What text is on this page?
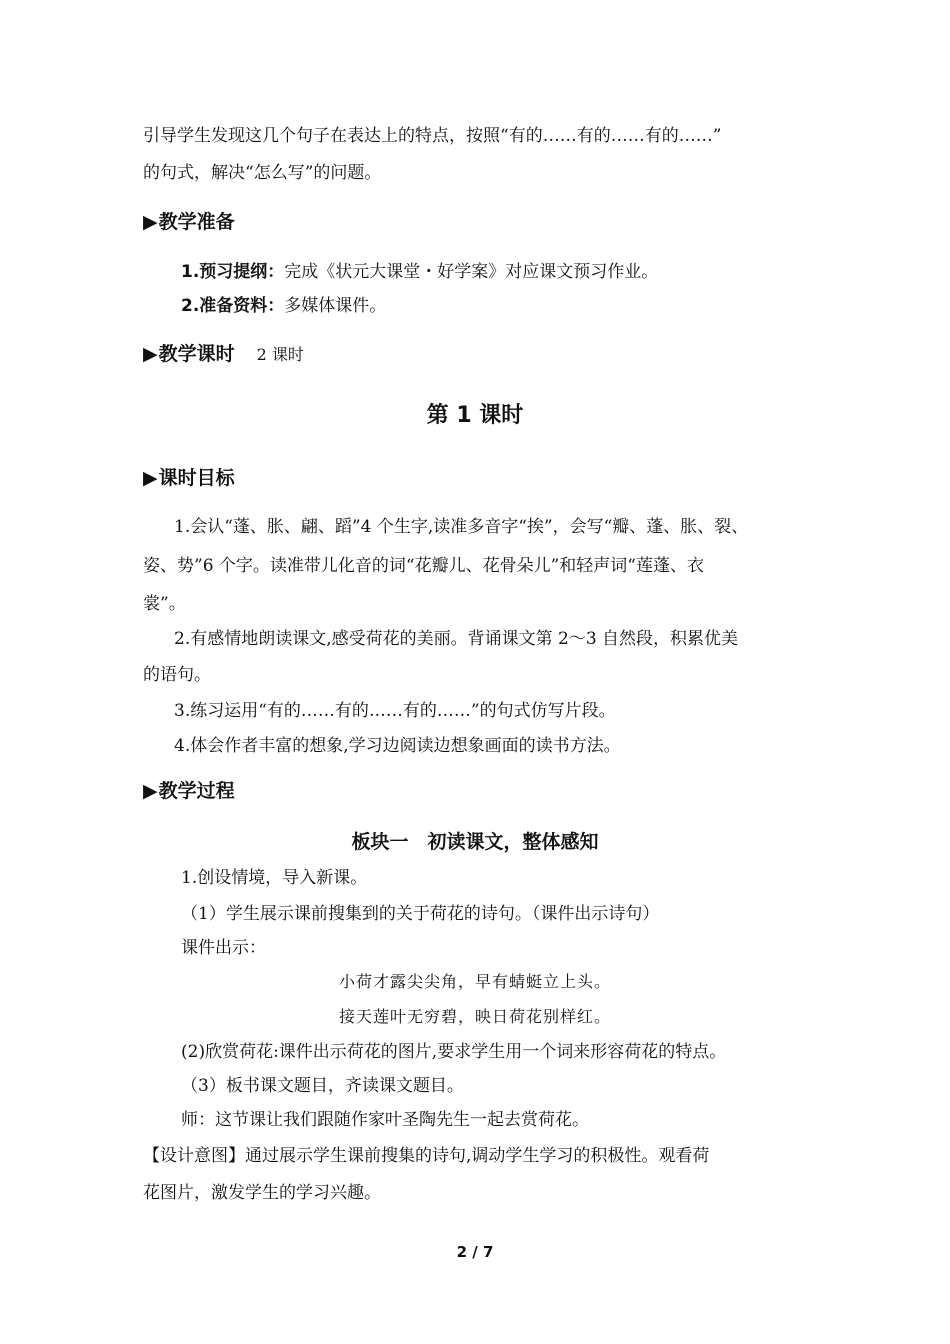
引导学生发现这几个句子在表达上的特点，按照“有的……有的……有的……”
的句式，解决“怎么写”的问题。
▶教学准备
1.预习提纲：完成《状元大课堂・好学案》对应课文预习作业。
2.准备资料：多媒体课件。
▶教学课时 2 课时
第 1 课时
▶课时目标
1.会认“蓬、胀、翩、蹈”4 个生字,读准多音字“挨”，会写“瓣、蓬、胀、裂、
姿、势”6 个字。读准带儿化音的词“花瓣儿、花骨朵儿”和轻声词“莲蓬、衣
裳”。
2.有感情地朗读课文,感受荷花的美丽。背诵课文第 2～3 自然段，积累优美
的语句。
3.练习运用“有的……有的……有的……”的句式仿写片段。
4.体会作者丰富的想象,学习边阅读边想象画面的读书方法。
▶教学过程
板块一　初读课文，整体感知
1.创设情境，导入新课。
（1）学生展示课前搜集到的关于荷花的诗句。（课件出示诗句）
课件出示：
小荷才露尖尖角，早有蜻蜓立上头。
接天莲叶无穷碧，映日荷花别样红。
(2)欣赏荷花:课件出示荷花的图片,要求学生用一个词来形容荷花的特点。
（3）板书课文题目，齐读课文题目。
师：这节课让我们跟随作家叶圣陶先生一起去赏荷花。
【设计意图】通过展示学生课前搜集的诗句,调动学生学习的积极性。观看荷
花图片，激发学生的学习兴趣。
2 / 7
